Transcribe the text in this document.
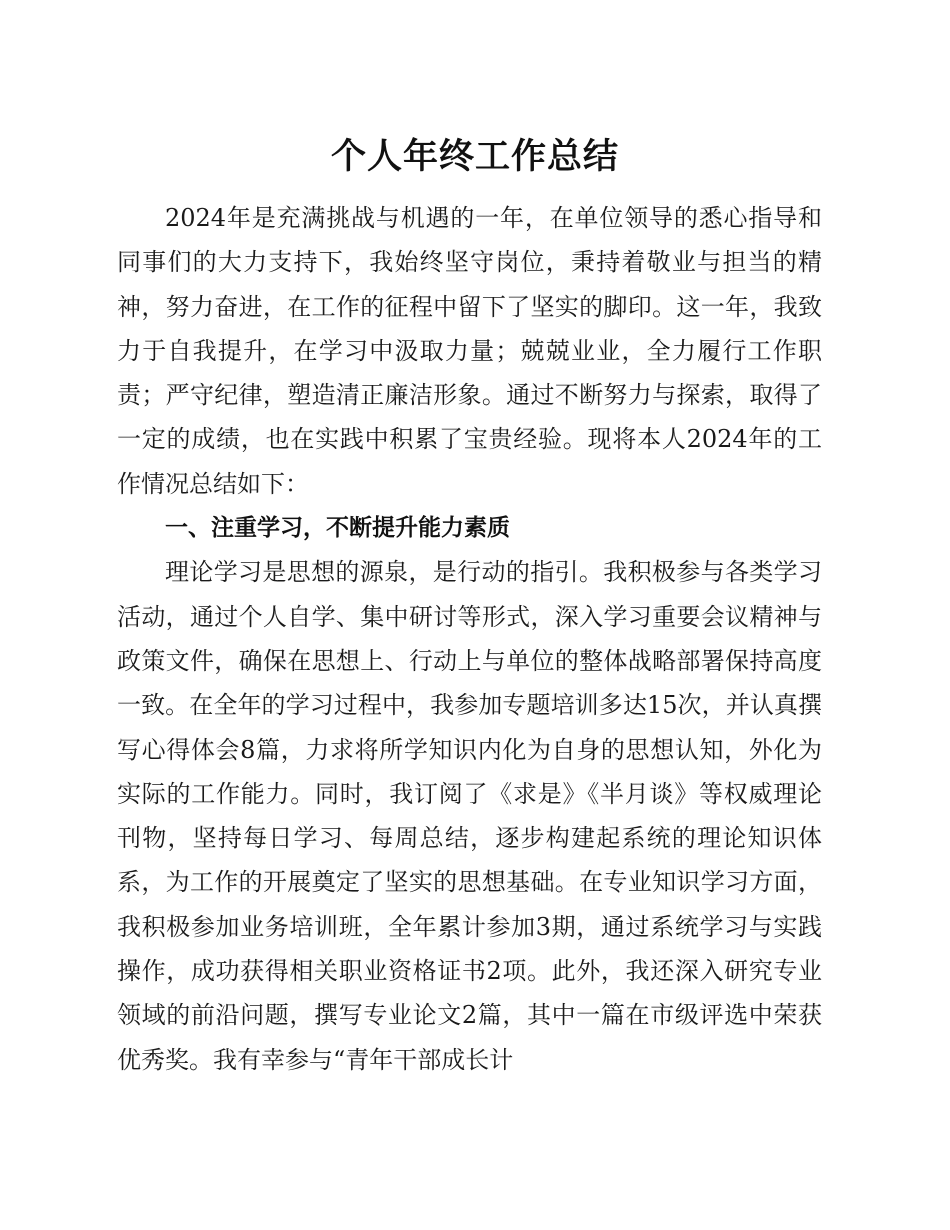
个人年终工作总结

2024年是充满挑战与机遇的一年，在单位领导的悉心指导和同事们的大力支持下，我始终坚守岗位，秉持着敬业与担当的精神，努力奋进，在工作的征程中留下了坚实的脚印。这一年，我致力于自我提升，在学习中汲取力量；兢兢业业，全力履行工作职责；严守纪律，塑造清正廉洁形象。通过不断努力与探索，取得了一定的成绩，也在实践中积累了宝贵经验。现将本人2024年的工作情况总结如下：

一、注重学习，不断提升能力素质

理论学习是思想的源泉，是行动的指引。我积极参与各类学习活动，通过个人自学、集中研讨等形式，深入学习重要会议精神与政策文件，确保在思想上、行动上与单位的整体战略部署保持高度一致。在全年的学习过程中，我参加专题培训多达15次，并认真撰写心得体会8篇，力求将所学知识内化为自身的思想认知，外化为实际的工作能力。同时，我订阅了《求是》《半月谈》等权威理论刊物，坚持每日学习、每周总结，逐步构建起系统的理论知识体系，为工作的开展奠定了坚实的思想基础。在专业知识学习方面，我积极参加业务培训班，全年累计参加3期，通过系统学习与实践操作，成功获得相关职业资格证书2项。此外，我还深入研究专业领域的前沿问题，撰写专业论文2篇，其中一篇在市级评选中荣获优秀奖。我有幸参与“青年干部成长计
